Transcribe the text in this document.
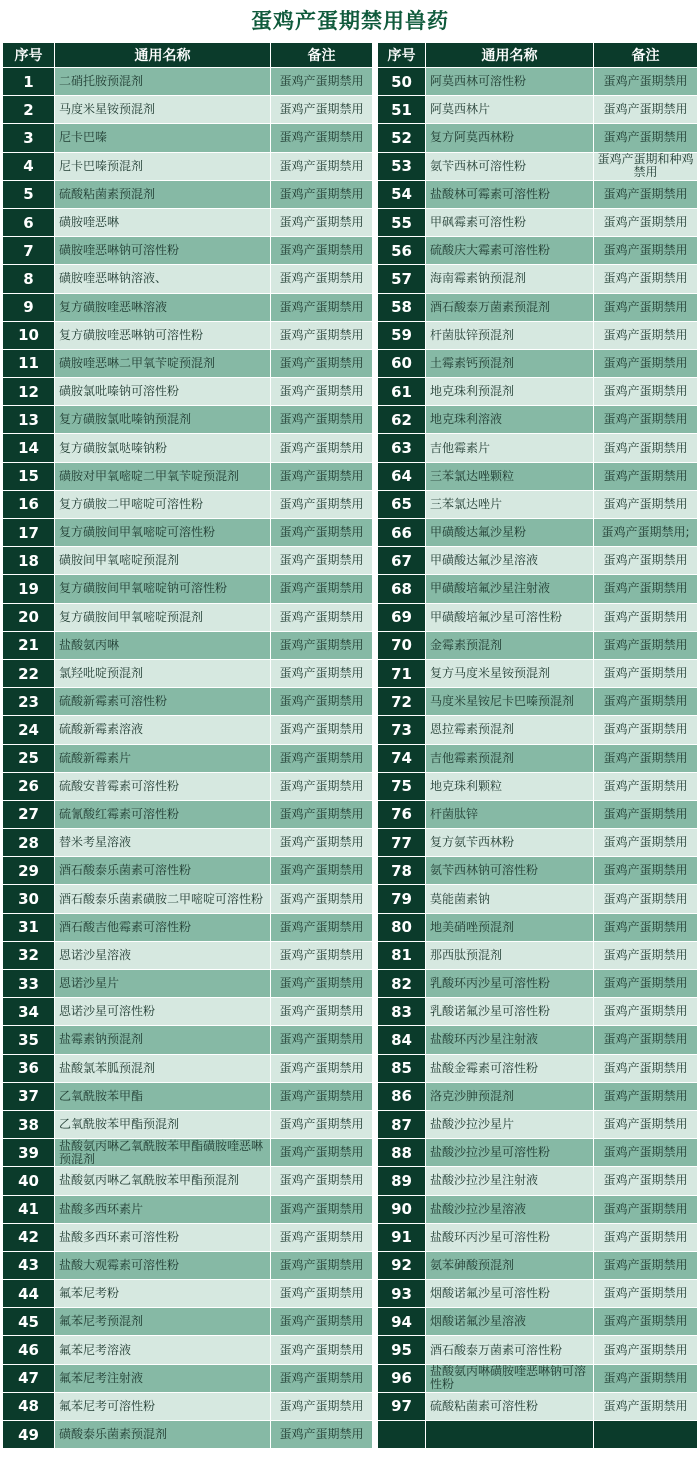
蛋鸡产蛋期禁用兽药
序号	通用名称	备注
1	二硝托胺预混剂	蛋鸡产蛋期禁用
2	马度米星铵预混剂	蛋鸡产蛋期禁用
3	尼卡巴嗪	蛋鸡产蛋期禁用
4	尼卡巴嗪预混剂	蛋鸡产蛋期禁用
5	硫酸粘菌素预混剂	蛋鸡产蛋期禁用
6	磺胺喹恶啉	蛋鸡产蛋期禁用
7	磺胺喹恶啉钠可溶性粉	蛋鸡产蛋期禁用
8	磺胺喹恶啉钠溶液、	蛋鸡产蛋期禁用
9	复方磺胺喹恶啉溶液	蛋鸡产蛋期禁用
10	复方磺胺喹恶啉钠可溶性粉	蛋鸡产蛋期禁用
11	磺胺喹恶啉二甲氧苄啶预混剂	蛋鸡产蛋期禁用
12	磺胺氯吡嗪钠可溶性粉	蛋鸡产蛋期禁用
13	复方磺胺氯吡嗪钠预混剂	蛋鸡产蛋期禁用
14	复方磺胺氯哒嗪钠粉	蛋鸡产蛋期禁用
15	磺胺对甲氧嘧啶二甲氧苄啶预混剂	蛋鸡产蛋期禁用
16	复方磺胺二甲嘧啶可溶性粉	蛋鸡产蛋期禁用
17	复方磺胺间甲氧嘧啶可溶性粉	蛋鸡产蛋期禁用
18	磺胺间甲氧嘧啶预混剂	蛋鸡产蛋期禁用
19	复方磺胺间甲氧嘧啶钠可溶性粉	蛋鸡产蛋期禁用
20	复方磺胺间甲氧嘧啶预混剂	蛋鸡产蛋期禁用
21	盐酸氨丙啉	蛋鸡产蛋期禁用
22	氯羟吡啶预混剂	蛋鸡产蛋期禁用
23	硫酸新霉素可溶性粉	蛋鸡产蛋期禁用
24	硫酸新霉素溶液	蛋鸡产蛋期禁用
25	硫酸新霉素片	蛋鸡产蛋期禁用
26	硫酸安普霉素可溶性粉	蛋鸡产蛋期禁用
27	硫氰酸红霉素可溶性粉	蛋鸡产蛋期禁用
28	替米考星溶液	蛋鸡产蛋期禁用
29	酒石酸泰乐菌素可溶性粉	蛋鸡产蛋期禁用
30	酒石酸泰乐菌素磺胺二甲嘧啶可溶性粉	蛋鸡产蛋期禁用
31	酒石酸吉他霉素可溶性粉	蛋鸡产蛋期禁用
32	恩诺沙星溶液	蛋鸡产蛋期禁用
33	恩诺沙星片	蛋鸡产蛋期禁用
34	恩诺沙星可溶性粉	蛋鸡产蛋期禁用
35	盐霉素钠预混剂	蛋鸡产蛋期禁用
36	盐酸氯苯胍预混剂	蛋鸡产蛋期禁用
37	乙氧酰胺苯甲酯	蛋鸡产蛋期禁用
38	乙氧酰胺苯甲酯预混剂	蛋鸡产蛋期禁用
39	盐酸氨丙啉乙氧酰胺苯甲酯磺胺喹恶啉预混剂	蛋鸡产蛋期禁用
40	盐酸氨丙啉乙氧酰胺苯甲酯预混剂	蛋鸡产蛋期禁用
41	盐酸多西环素片	蛋鸡产蛋期禁用
42	盐酸多西环素可溶性粉	蛋鸡产蛋期禁用
43	盐酸大观霉素可溶性粉	蛋鸡产蛋期禁用
44	氟苯尼考粉	蛋鸡产蛋期禁用
45	氟苯尼考预混剂	蛋鸡产蛋期禁用
46	氟苯尼考溶液	蛋鸡产蛋期禁用
47	氟苯尼考注射液	蛋鸡产蛋期禁用
48	氟苯尼考可溶性粉	蛋鸡产蛋期禁用
49	磺酸泰乐菌素预混剂	蛋鸡产蛋期禁用
序号	通用名称	备注
50	阿莫西林可溶性粉	蛋鸡产蛋期禁用
51	阿莫西林片	蛋鸡产蛋期禁用
52	复方阿莫西林粉	蛋鸡产蛋期禁用
53	氨苄西林可溶性粉	蛋鸡产蛋期和种鸡禁用
54	盐酸林可霉素可溶性粉	蛋鸡产蛋期禁用
55	甲砜霉素可溶性粉	蛋鸡产蛋期禁用
56	硫酸庆大霉素可溶性粉	蛋鸡产蛋期禁用
57	海南霉素钠预混剂	蛋鸡产蛋期禁用
58	酒石酸泰万菌素预混剂	蛋鸡产蛋期禁用
59	杆菌肽锌预混剂	蛋鸡产蛋期禁用
60	土霉素钙预混剂	蛋鸡产蛋期禁用
61	地克珠利预混剂	蛋鸡产蛋期禁用
62	地克珠利溶液	蛋鸡产蛋期禁用
63	吉他霉素片	蛋鸡产蛋期禁用
64	三苯氯达唑颗粒	蛋鸡产蛋期禁用
65	三苯氯达唑片	蛋鸡产蛋期禁用
66	甲磺酸达氟沙星粉	蛋鸡产蛋期禁用;
67	甲磺酸达氟沙星溶液	蛋鸡产蛋期禁用
68	甲磺酸培氟沙星注射液	蛋鸡产蛋期禁用
69	甲磺酸培氟沙星可溶性粉	蛋鸡产蛋期禁用
70	金霉素预混剂	蛋鸡产蛋期禁用
71	复方马度米星铵预混剂	蛋鸡产蛋期禁用
72	马度米星铵尼卡巴嗪预混剂	蛋鸡产蛋期禁用
73	恩拉霉素预混剂	蛋鸡产蛋期禁用
74	吉他霉素预混剂	蛋鸡产蛋期禁用
75	地克珠利颗粒	蛋鸡产蛋期禁用
76	杆菌肽锌	蛋鸡产蛋期禁用
77	复方氨苄西林粉	蛋鸡产蛋期禁用
78	氨苄西林钠可溶性粉	蛋鸡产蛋期禁用
79	莫能菌素钠	蛋鸡产蛋期禁用
80	地美硝唑预混剂	蛋鸡产蛋期禁用
81	那西肽预混剂	蛋鸡产蛋期禁用
82	乳酸环丙沙星可溶性粉	蛋鸡产蛋期禁用
83	乳酸诺氟沙星可溶性粉	蛋鸡产蛋期禁用
84	盐酸环丙沙星注射液	蛋鸡产蛋期禁用
85	盐酸金霉素可溶性粉	蛋鸡产蛋期禁用
86	洛克沙胂预混剂	蛋鸡产蛋期禁用
87	盐酸沙拉沙星片	蛋鸡产蛋期禁用
88	盐酸沙拉沙星可溶性粉	蛋鸡产蛋期禁用
89	盐酸沙拉沙星注射液	蛋鸡产蛋期禁用
90	盐酸沙拉沙星溶液	蛋鸡产蛋期禁用
91	盐酸环丙沙星可溶性粉	蛋鸡产蛋期禁用
92	氨苯砷酸预混剂	蛋鸡产蛋期禁用
93	烟酸诺氟沙星可溶性粉	蛋鸡产蛋期禁用
94	烟酸诺氟沙星溶液	蛋鸡产蛋期禁用
95	酒石酸泰万菌素可溶性粉	蛋鸡产蛋期禁用
96	盐酸氨丙啉磺胺喹恶啉钠可溶性粉	蛋鸡产蛋期禁用
97	硫酸粘菌素可溶性粉	蛋鸡产蛋期禁用
